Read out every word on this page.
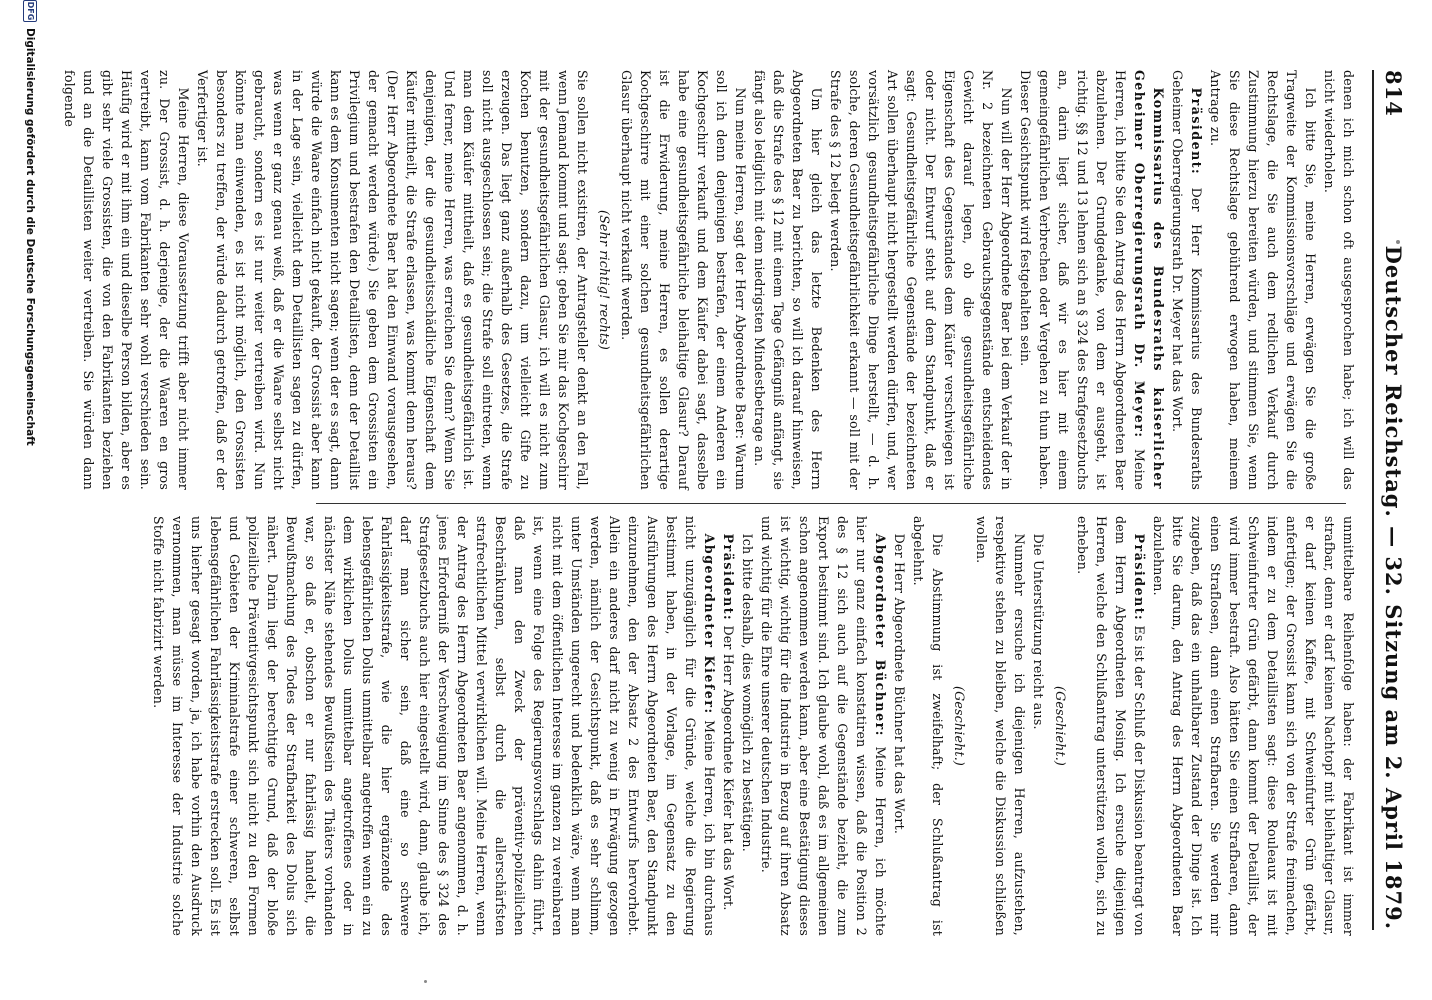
814
Deutscher Reichstag. — 32. Sitzung am 2. April 1879.

denen ich mich schon oft ausgesprochen habe; ich will das nicht wiederholen.

Ich bitte Sie, meine Herren, erwägen Sie die große Tragweite der Kommissionsvorschläge und erwägen Sie die Rechtslage, die Sie auch dem redlichen Verkauf durch Zustimmung hierzu bereiten würden, und stimmen Sie, wenn Sie diese Rechtslage gebührend erwogen haben, meinem Antrage zu.

Präsident: Der Herr Kommissarius des Bundesraths Geheimer Oberregierungsrath Dr. Meyer hat das Wort.

Kommissarius des Bundesraths kaiserlicher Geheimer Oberregierungsrath Dr. Meyer: Meine Herren, ich bitte Sie den Antrag des Herrn Abgeordneten Baer abzulehnen. Der Grundgedanke, von dem er ausgeht, ist richtig. §§ 12 und 13 lehnen sich an § 324 des Strafgesetzbuchs an, darin liegt sicher, daß wir es hier mit einem gemeingefährlichen Verbrechen oder Vergehen zu thun haben. Dieser Gesichtspunkt wird festgehalten sein.

Nun will der Herr Abgeordnete Baer bei dem Verkauf der in Nr. 2 bezeichneten Gebrauchsgegenstände entscheidendes Gewicht darauf legen, ob die gesundheitsgefährliche Eigenschaft des Gegenstandes dem Käufer verschwiegen ist oder nicht. Der Entwurf steht auf dem Standpunkt, daß er sagt: Gesundheitsgefährliche Gegenstände der bezeichneten Art sollen überhaupt nicht hergestellt werden dürfen, und, wer vorsätzlich gesundheitsgefährliche Dinge herstellt, — d. h. solche, deren Gesundheitsgefährlichkeit erkannt — soll mit der Strafe des § 12 belegt werden.

Um hier gleich das letzte Bedenken des Herrn Abgeordneten Baer zu berichten, so will ich darauf hinweisen, daß die Strafe des § 12 mit einem Tage Gefängniß anfängt, sie fängt also lediglich mit dem niedrigsten Mindestbetrage an.

Nun meine Herren, sagt der Herr Abgeordnete Baer: Warum soll ich denn denjenigen bestrafen, der einem Anderen ein Kochgeschirr verkauft und dem Käufer dabei sagt, dasselbe habe eine gesundheitsgefährliche bleihaltige Glasur? Darauf ist die Erwiderung, meine Herren, es sollen derartige Kochgeschirre mit einer solchen gesundheitsgefährlichen Glasur überhaupt nicht verkauft werden.

(Sehr richtig! rechts)

Sie sollen nicht existiren, der Antragsteller denkt an den Fall, wenn Jemand kommt und sagt: geben Sie mir das Kochgeschirr mit der gesundheitsgefährlichen Glasur, ich will es nicht zum Kochen benutzen, sondern dazu, um vielleicht Gifte zu erzeugen. Das liegt ganz außerhalb des Gesetzes, die Strafe soll nicht ausgeschlossen sein; die Strafe soll eintreten, wenn man dem Käufer mittheilt, daß es gesundheitsgefährlich ist. Und ferner, meine Herren, was erreichen Sie denn? Wenn Sie denjenigen, der die gesundheitsschädliche Eigenschaft dem Käufer mittheilt, die Strafe erlassen, was kommt denn heraus? (Der Herr Abgeordnete Baer hat den Einwand vorausgesehen, der gemacht werden würde.) Sie geben dem Grossisten ein Privilegium und bestrafen den Detaillisten, denn der Detaillist kann es dem Konsumenten nicht sagen; wenn der es sagt, dann würde die Waare einfach nicht gekauft, der Grossist aber kann in der Lage sein, vielleicht dem Detaillisten sagen zu dürfen, was wenn er ganz genau weiß, daß er die Waare selbst nicht gebraucht, sondern es ist nur weiter vertreiben wird. Nun könnte man einwenden, es ist nicht möglich, den Grossisten besonders zu treffen, der würde dadurch getroffen, daß er der Verfertiger ist.

Meine Herren, diese Voraussetzung trifft aber nicht immer zu. Der Grossist, d. h. derjenige, der die Waaren en gros vertreibt, kann vom Fabrikanten sehr wohl verschieden sein. Häufig wird er mit ihm ein und dieselbe Person bilden, aber es gibt sehr viele Grossisten, die von den Fabrikanten beziehen und an die Detaillisten weiter vertreiben. Sie würden dann folgende

unmittelbare Reihenfolge haben: der Fabrikant ist immer strafbar, denn er darf keinen Nachtopf mit bleihaltiger Glasur, er darf keinen Kaffee, mit Schweinfurter Grün gefärbt, anfertigen; der Grossist kann sich von der Strafe freimachen, indem er zu dem Detaillisten sagt: diese Rouleaux ist mit Schweinfurter Grün gefärbt, dann kommt der Detaillist, der wird immer bestraft. Also hätten Sie einen Strafbaren, dann einen Straflosen, dann einen Strafbaren. Sie werden mir zugeben, daß das ein unhaltbarer Zustand der Dinge ist. Ich bitte Sie darum, den Antrag des Herrn Abgeordneten Baer abzulehnen.

Präsident: Es ist der Schluß der Diskussion beantragt von dem Herrn Abgeordneten Mosing. Ich ersuche diejenigen Herren, welche den Schlußantrag unterstützen wollen, sich zu erheben.

(Geschieht.)

Die Unterstützung reicht aus.

Nunmehr ersuche ich diejenigen Herren, aufzustehen, respektive stehen zu bleiben, welche die Diskussion schließen wollen.

(Geschieht.)

Die Abstimmung ist zweifelhaft; der Schlußantrag ist abgelehnt.

Der Herr Abgeordnete Büchner hat das Wort.

Abgeordneter Büchner: Meine Herren, ich möchte hier nur ganz einfach konstatiren wissen, daß die Position 2 des § 12 sich auch auf die Gegenstände bezieht, die zum Export bestimmt sind. Ich glaube wohl, daß es im allgemeinen schon angenommen werden kann, aber eine Bestätigung dieses ist wichtig, wichtig für die Industrie in Bezug auf ihren Absatz und wichtig für die Ehre unserer deutschen Industrie.

Ich bitte deshalb, dies womöglich zu bestätigen.

Präsident: Der Herr Abgeordnete Kiefer hat das Wort.

Abgeordneter Kiefer: Meine Herren, ich bin durchaus nicht unzugänglich für die Gründe, welche die Regierung bestimmt haben, in der Vorlage, im Gegensatz zu den Ausführungen des Herrn Abgeordneten Baer, den Standpunkt einzunehmen, den der Absatz 2 des Entwurfs hervorhebt. Allein ein anderes darf nicht zu wenig in Erwägung gezogen werden, nämlich der Gesichtspunkt, daß es sehr schlimm, unter Umständen ungerecht und bedenklich wäre, wenn man nicht mit dem öffentlichen Interesse im ganzen zu vereinbaren ist, wenn eine Folge des Regierungsvorschlags dahin führt, daß man den Zweck der präventiv-polizeilichen Beschränkungen, selbst durch die allerschärfsten strafrechtlichen Mittel verwirklichen will. Meine Herren, wenn der Antrag des Herrn Abgeordneten Baer angenommen, d. h. jenes Erforderniß der Verschweigung im Sinne des § 324 des Strafgesetzbuchs auch hier eingestellt wird, dann, glaube ich, darf man sicher sein, daß eine so schwere Fahrlässigkeitsstrafe, wie die hier ergänzende des lebensgefährlichen Dolus unmittelbar angetroffen wenn ein zu dem wirklichen Dolus unmittelbar angetroffenes oder in nächster Nähe stehendes Bewußtsein des Thäters vorhanden war, so daß er, obschon er nur fahrlässig handelt, die Bewußtmachung des Todes der Strafbarkeit des Dolus sich nähert. Darin liegt der berechtigte Grund, daß der bloße polizeiliche Präventivgesichtspunkt sich nicht zu den Formen und Gebieten der Kriminalstrafe einer schweren, selbst lebensgefährlichen Fahrlässigkeitsstrafe erstrecken soll. Es ist uns hierher gesagt worden, ja, ich habe vorhin den Ausdruck vernommen, man müsse im Interesse der Industrie solche Stoffe nicht fabrizirt werden.

DFGDigitalisierung gefördert durch die Deutsche Forschungsgemeinschaft
